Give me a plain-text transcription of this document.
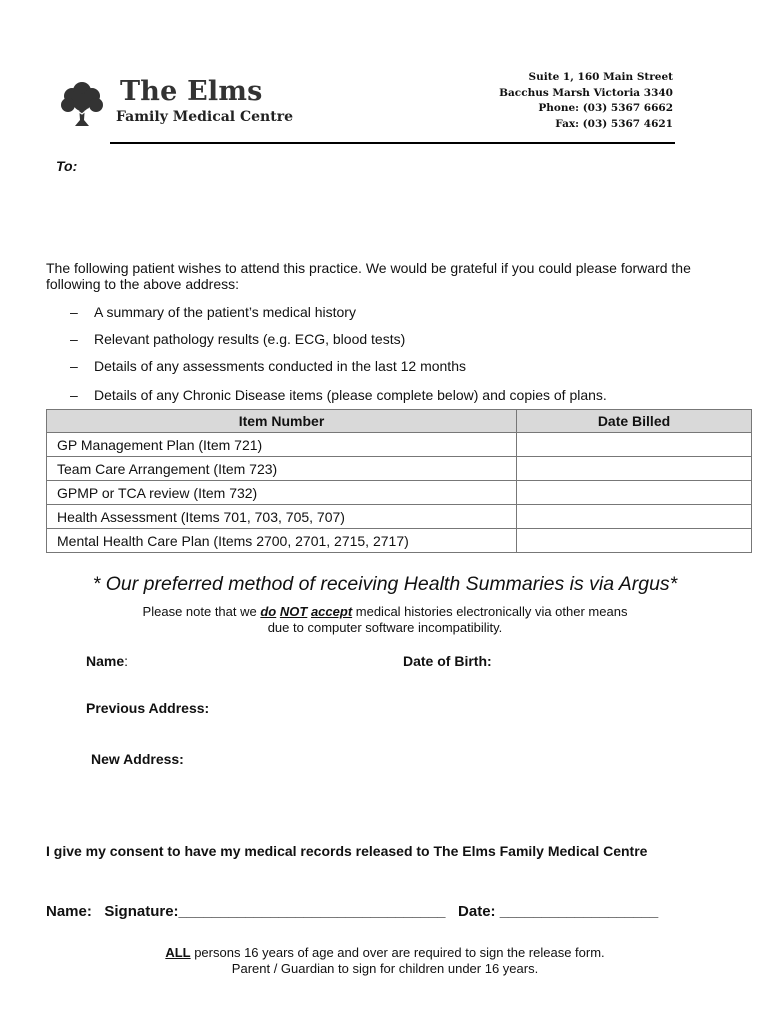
The Elms
Family Medical Centre
Suite 1, 160 Main Street
Bacchus Marsh Victoria 3340
Phone: (03) 5367 6662
Fax: (03) 5367 4621
To:
The following patient wishes to attend this practice. We would be grateful if you could please forward the following to the above address:
– A summary of the patient’s medical history
– Relevant pathology results (e.g. ECG, blood tests)
– Details of any assessments conducted in the last 12 months
– Details of any Chronic Disease items (please complete below) and copies of plans.
Item Number	Date Billed
GP Management Plan (Item 721)	
Team Care Arrangement (Item 723)	
GPMP or TCA review (Item 732)	
Health Assessment (Items 701, 703, 705, 707)	
Mental Health Care Plan (Items 2700, 2701, 2715, 2717)	
* Our preferred method of receiving Health Summaries is via Argus*
Please note that we do NOT accept medical histories electronically via other means
due to computer software incompatibility.
Name:	Date of Birth:
Previous Address:
New Address:
I give my consent to have my medical records released to The Elms Family Medical Centre
Name: Signature:________________________________ Date: ___________________
ALL persons 16 years of age and over are required to sign the release form.
Parent / Guardian to sign for children under 16 years.
